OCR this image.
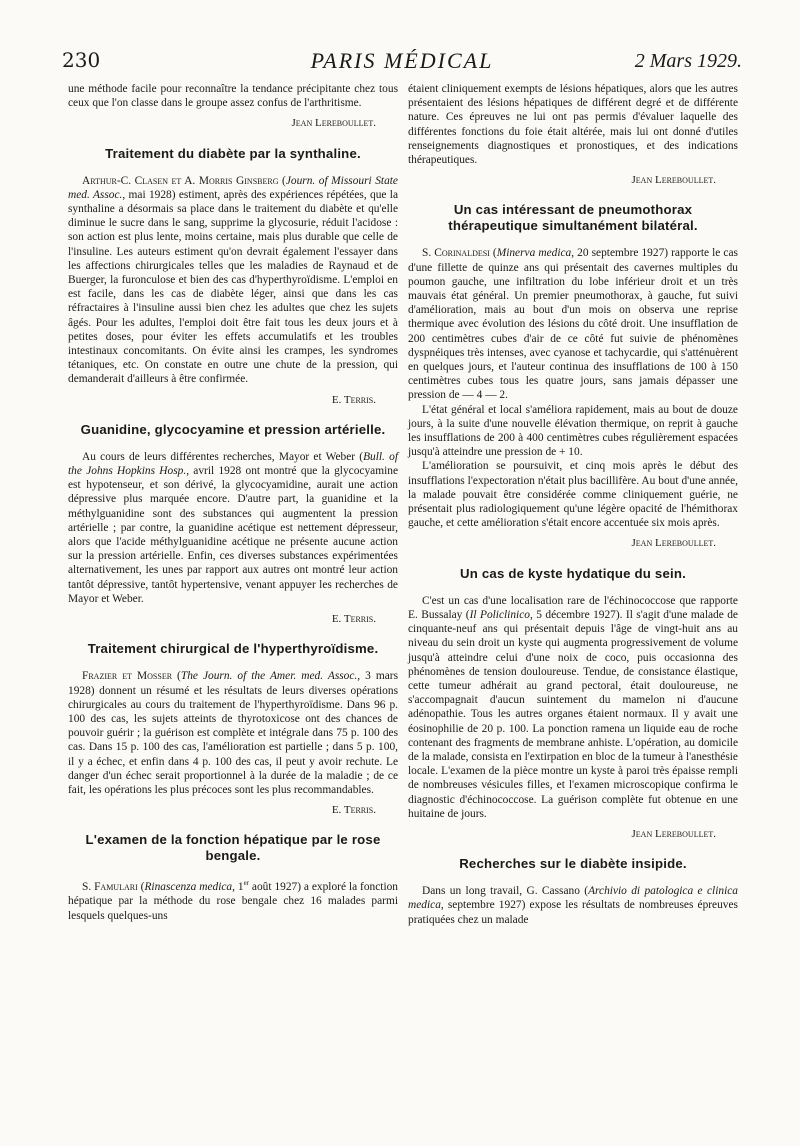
230	PARIS MÉDICAL	2 Mars 1929.

une méthode facile pour reconnaître la tendance précipitante chez tous ceux que l'on classe dans le groupe assez confus de l'arthritisme.

Jean Lereboullet.
Traitement du diabète par la synthaline.

Arthur-C. Clasen et A. Morris Ginsberg (Journ. of Missouri State med. Assoc., mai 1928) estiment, après des expériences répétées, que la synthaline a désormais sa place dans le traitement du diabète et qu'elle diminue le sucre dans le sang, supprime la glycosurie, réduit l'acidose : son action est plus lente, moins certaine, mais plus durable que celle de l'insuline. Les auteurs estiment qu'on devrait également l'essayer dans les affections chirurgicales telles que les maladies de Raynaud et de Buerger, la furonculose et bien des cas d'hyperthyroïdisme. L'emploi en est facile, dans les cas de diabète léger, ainsi que dans les cas réfractaires à l'insuline aussi bien chez les adultes que chez les sujets âgés. Pour les adultes, l'emploi doit être fait tous les deux jours et à petites doses, pour éviter les effets accumulatifs et les troubles intestinaux concomitants. On évite ainsi les crampes, les syndromes tétaniques, etc. On constate en outre une chute de la pression, qui demanderait d'ailleurs à être confirmée.

E. Terris.
Guanidine, glycocyamine et pression artérielle.

Au cours de leurs différentes recherches, Mayor et Weber (Bull. of the Johns Hopkins Hosp., avril 1928 ont montré que la glycocyamine est hypotenseur, et son dérivé, la glycocyamidine, aurait une action dépressive plus marquée encore. D'autre part, la guanidine et la méthylguanidine sont des substances qui augmentent la pression artérielle ; par contre, la guanidine acétique est nettement dépresseur, alors que l'acide méthylguanidine acétique ne présente aucune action sur la pression artérielle. Enfin, ces diverses substances expérimentées alternativement, les unes par rapport aux autres ont montré leur action tantôt dépressive, tantôt hypertensive, venant appuyer les recherches de Mayor et Weber.

E. Terris.
Traitement chirurgical de l'hyperthyroïdisme.

Frazier et Mosser (The Journ. of the Amer. med. Assoc., 3 mars 1928) donnent un résumé et les résultats de leurs diverses opérations chirurgicales au cours du traitement de l'hyperthyroïdisme. Dans 96 p. 100 des cas, les sujets atteints de thyrotoxicose ont des chances de pouvoir guérir ; la guérison est complète et intégrale dans 75 p. 100 des cas. Dans 15 p. 100 des cas, l'amélioration est partielle ; dans 5 p. 100, il y a échec, et enfin dans 4 p. 100 des cas, il peut y avoir rechute. Le danger d'un échec serait proportionnel à la durée de la maladie ; de ce fait, les opérations les plus précoces sont les plus recommandables.

E. Terris.
L'examen de la fonction hépatique par le rose bengale.

S. Famulari (Rinascenza medica, 1er août 1927) a exploré la fonction hépatique par la méthode du rose bengale chez 16 malades parmi lesquels quelques-uns

étaient cliniquement exempts de lésions hépatiques, alors que les autres présentaient des lésions hépatiques de différent degré et de différente nature. Ces épreuves ne lui ont pas permis d'évaluer laquelle des différentes fonctions du foie était altérée, mais lui ont donné d'utiles renseignements diagnostiques et pronostiques, et des indications thérapeutiques.

Jean Lereboullet.
Un cas intéressant de pneumothorax thérapeutique simultanément bilatéral.

S. Corinaldesi (Minerva medica, 20 septembre 1927) rapporte le cas d'une fillette de quinze ans qui présentait des cavernes multiples du poumon gauche, une infiltration du lobe inférieur droit et un très mauvais état général. Un premier pneumothorax, à gauche, fut suivi d'amélioration, mais au bout d'un mois on observa une reprise thermique avec évolution des lésions du côté droit. Une insufflation de 200 centimètres cubes d'air de ce côté fut suivie de phénomènes dyspnéiques très intenses, avec cyanose et tachycardie, qui s'atténuèrent en quelques jours, et l'auteur continua des insufflations de 100 à 150 centimètres cubes tous les quatre jours, sans jamais dépasser une pression de — 4 — 2.

L'état général et local s'améliora rapidement, mais au bout de douze jours, à la suite d'une nouvelle élévation thermique, on reprit à gauche les insufflations de 200 à 400 centimètres cubes régulièrement espacées jusqu'à atteindre une pression de + 10.

L'amélioration se poursuivit, et cinq mois après le début des insufflations l'expectoration n'était plus bacillifère. Au bout d'une année, la malade pouvait être considérée comme cliniquement guérie, ne présentait plus radiologiquement qu'une légère opacité de l'hémithorax gauche, et cette amélioration s'était encore accentuée six mois après.

Jean Lereboullet.
Un cas de kyste hydatique du sein.

C'est un cas d'une localisation rare de l'échinococcose que rapporte E. Bussalay (Il Policlinico, 5 décembre 1927). Il s'agit d'une malade de cinquante-neuf ans qui présentait depuis l'âge de vingt-huit ans au niveau du sein droit un kyste qui augmenta progressivement de volume jusqu'à atteindre celui d'une noix de coco, puis occasionna des phénomènes de tension douloureuse. Tendue, de consistance élastique, cette tumeur adhérait au grand pectoral, était douloureuse, ne s'accompagnait d'aucun suintement du mamelon ni d'aucune adénopathie. Tous les autres organes étaient normaux. Il y avait une éosinophilie de 20 p. 100. La ponction ramena un liquide eau de roche contenant des fragments de membrane anhiste. L'opération, au domicile de la malade, consista en l'extirpation en bloc de la tumeur à l'anesthésie locale. L'examen de la pièce montre un kyste à paroi très épaisse rempli de nombreuses vésicules filles, et l'examen microscopique confirma le diagnostic d'échinococcose. La guérison complète fut obtenue en une huitaine de jours.

Jean Lereboullet.
Recherches sur le diabète insipide.

Dans un long travail, G. Cassano (Archivio di patologica e clinica medica, septembre 1927) expose les résultats de nombreuses épreuves pratiquées chez un malade
